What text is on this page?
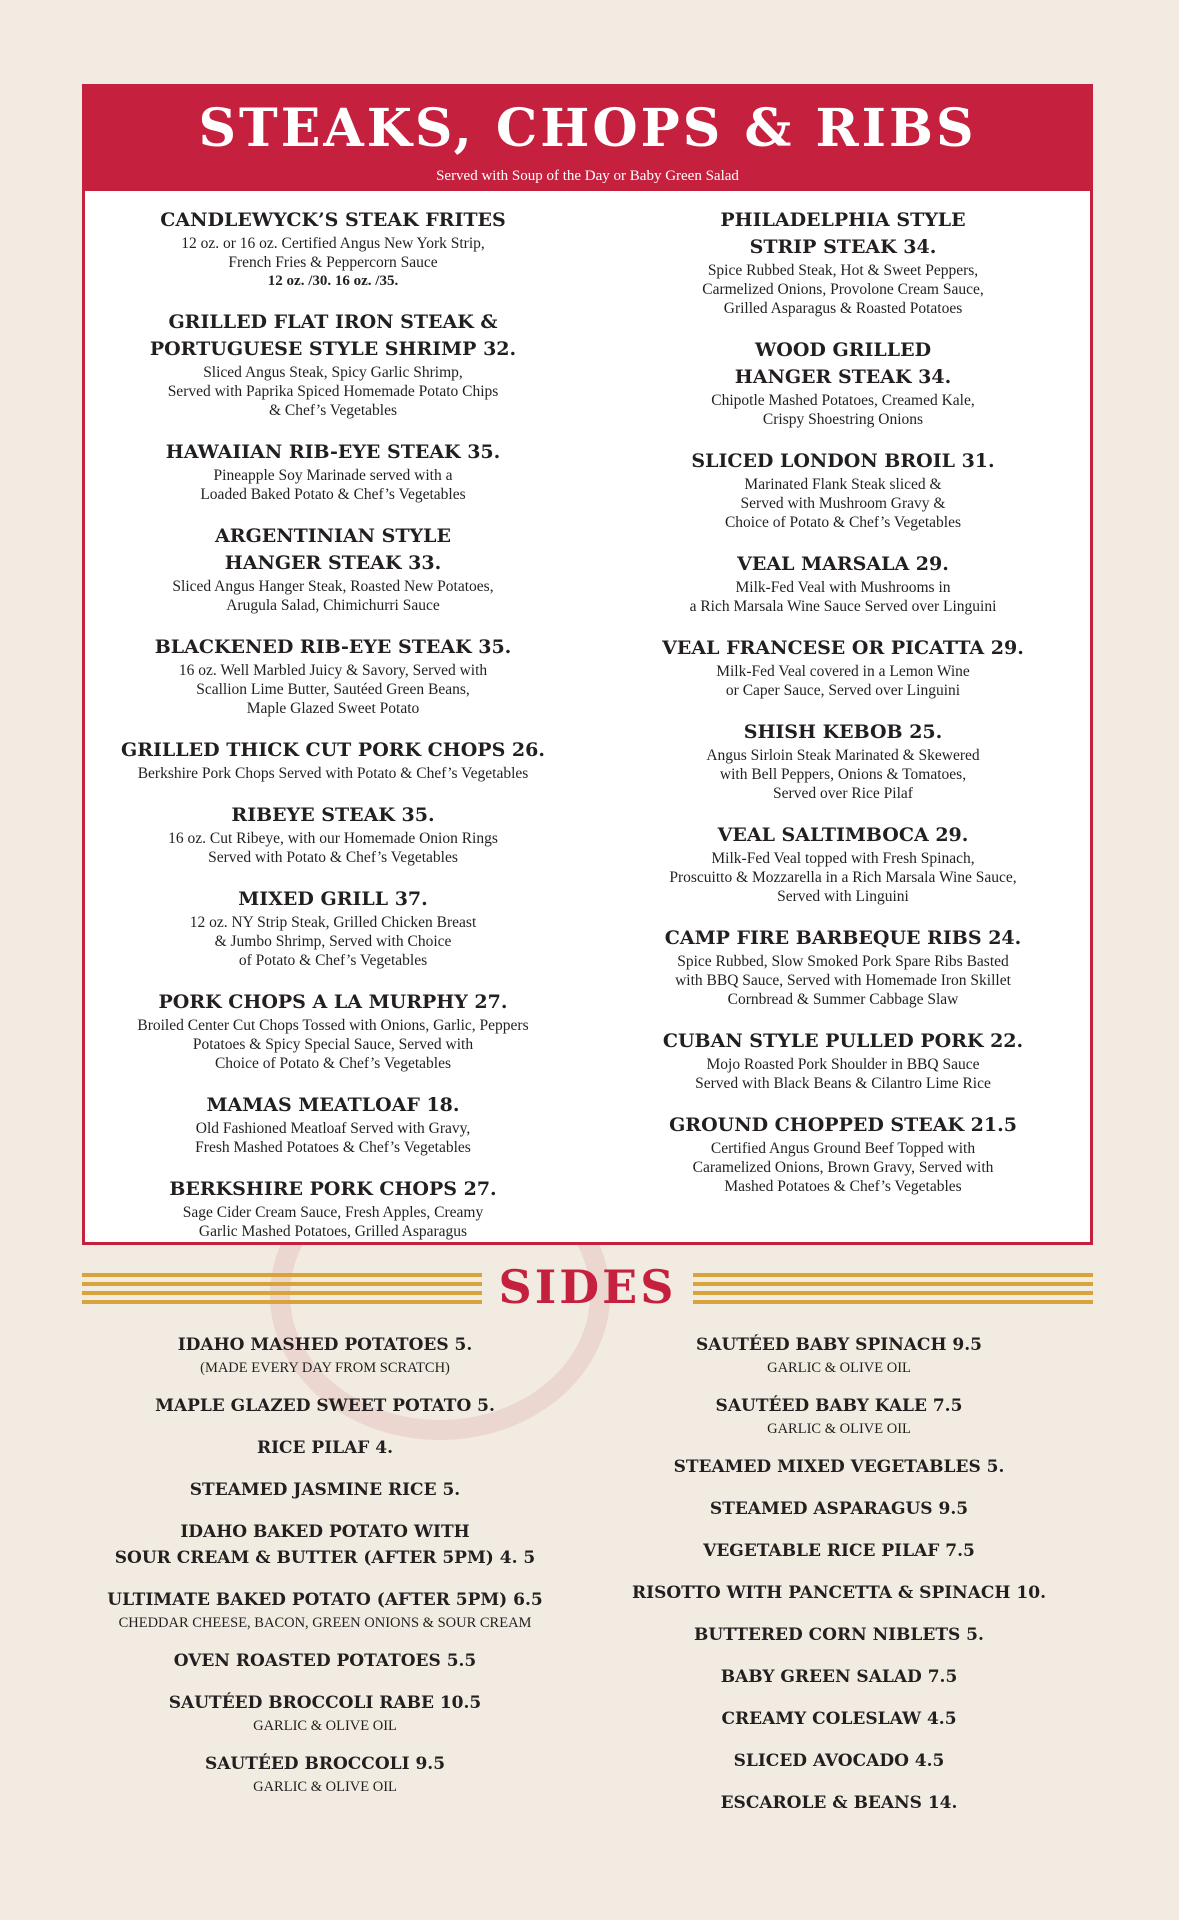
STEAKS, CHOPS & RIBS
Served with Soup of the Day or Baby Green Salad
CANDLEWYCK’S STEAK FRITES
12 oz. or 16 oz. Certified Angus New York Strip,
French Fries & Peppercorn Sauce
12 oz. /30. 16 oz. /35.
GRILLED FLAT IRON STEAK &
PORTUGUESE STYLE SHRIMP 32.
Sliced Angus Steak, Spicy Garlic Shrimp,
Served with Paprika Spiced Homemade Potato Chips
& Chef’s Vegetables
HAWAIIAN RIB-EYE STEAK 35.
Pineapple Soy Marinade served with a
Loaded Baked Potato & Chef’s Vegetables
ARGENTINIAN STYLE
HANGER STEAK 33.
Sliced Angus Hanger Steak, Roasted New Potatoes,
Arugula Salad, Chimichurri Sauce
BLACKENED RIB-EYE STEAK 35.
16 oz. Well Marbled Juicy & Savory, Served with
Scallion Lime Butter, Sautéed Green Beans,
Maple Glazed Sweet Potato
GRILLED THICK CUT PORK CHOPS 26.
Berkshire Pork Chops Served with Potato & Chef’s Vegetables
RIBEYE STEAK 35.
16 oz. Cut Ribeye, with our Homemade Onion Rings
Served with Potato & Chef’s Vegetables
MIXED GRILL 37.
12 oz. NY Strip Steak, Grilled Chicken Breast
& Jumbo Shrimp, Served with Choice
of Potato & Chef’s Vegetables
PORK CHOPS A LA MURPHY 27.
Broiled Center Cut Chops Tossed with Onions, Garlic, Peppers
Potatoes & Spicy Special Sauce, Served with
Choice of Potato & Chef’s Vegetables
MAMAS MEATLOAF 18.
Old Fashioned Meatloaf Served with Gravy,
Fresh Mashed Potatoes & Chef’s Vegetables
BERKSHIRE PORK CHOPS 27.
Sage Cider Cream Sauce, Fresh Apples, Creamy
Garlic Mashed Potatoes, Grilled Asparagus
PHILADELPHIA STYLE
STRIP STEAK 34.
Spice Rubbed Steak, Hot & Sweet Peppers,
Carmelized Onions, Provolone Cream Sauce,
Grilled Asparagus & Roasted Potatoes
WOOD GRILLED
HANGER STEAK 34.
Chipotle Mashed Potatoes, Creamed Kale,
Crispy Shoestring Onions
SLICED LONDON BROIL 31.
Marinated Flank Steak sliced &
Served with Mushroom Gravy &
Choice of Potato & Chef’s Vegetables
VEAL MARSALA 29.
Milk-Fed Veal with Mushrooms in
a Rich Marsala Wine Sauce Served over Linguini
VEAL FRANCESE OR PICATTA 29.
Milk-Fed Veal covered in a Lemon Wine
or Caper Sauce, Served over Linguini
SHISH KEBOB 25.
Angus Sirloin Steak Marinated & Skewered
with Bell Peppers, Onions & Tomatoes,
Served over Rice Pilaf
VEAL SALTIMBOCA 29.
Milk-Fed Veal topped with Fresh Spinach,
Proscuitto & Mozzarella in a Rich Marsala Wine Sauce,
Served with Linguini
CAMP FIRE BARBEQUE RIBS 24.
Spice Rubbed, Slow Smoked Pork Spare Ribs Basted
with BBQ Sauce, Served with Homemade Iron Skillet
Cornbread & Summer Cabbage Slaw
CUBAN STYLE PULLED PORK 22.
Mojo Roasted Pork Shoulder in BBQ Sauce
Served with Black Beans & Cilantro Lime Rice
GROUND CHOPPED STEAK 21.5
Certified Angus Ground Beef Topped with
Caramelized Onions, Brown Gravy, Served with
Mashed Potatoes & Chef’s Vegetables
SIDES
IDAHO MASHED POTATOES 5.
(MADE EVERY DAY FROM SCRATCH)
MAPLE GLAZED SWEET POTATO 5.
RICE PILAF 4.
STEAMED JASMINE RICE 5.
IDAHO BAKED POTATO WITH
SOUR CREAM & BUTTER (AFTER 5PM) 4. 5
ULTIMATE BAKED POTATO (AFTER 5PM) 6.5
CHEDDAR CHEESE, BACON, GREEN ONIONS & SOUR CREAM
OVEN ROASTED POTATOES 5.5
SAUTÉED BROCCOLI RABE 10.5
GARLIC & OLIVE OIL
SAUTÉED BROCCOLI 9.5
GARLIC & OLIVE OIL
SAUTÉED BABY SPINACH 9.5
GARLIC & OLIVE OIL
SAUTÉED BABY KALE 7.5
GARLIC & OLIVE OIL
STEAMED MIXED VEGETABLES 5.
STEAMED ASPARAGUS 9.5
VEGETABLE RICE PILAF 7.5
RISOTTO WITH PANCETTA & SPINACH 10.
BUTTERED CORN NIBLETS 5.
BABY GREEN SALAD 7.5
CREAMY COLESLAW 4.5
SLICED AVOCADO 4.5
ESCAROLE & BEANS 14.
